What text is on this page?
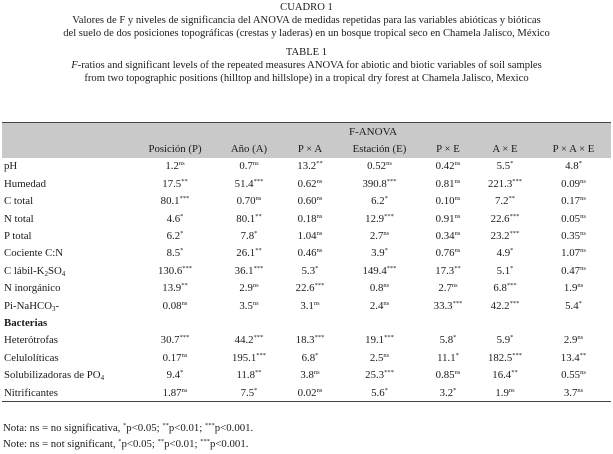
CUADRO 1
Valores de F y niveles de significancia del ANOVA de medidas repetidas para las variables abióticas y bióticas
del suelo de dos posiciones topográficas (crestas y laderas) en un bosque tropical seco en Chamela Jalisco, México
TABLE 1
F-ratios and significant levels of the repeated measures ANOVA for abiotic and biotic variables of soil samples
from two topographic positions (hilltop and hillslope) in a tropical dry forest at Chamela Jalisco, Mexico
	F-ANOVA						
	Posición (P)	Año (A)	P × A	Estación (E)	P × E	A × E	P × A × E
pH	$1.2^{ns}$	$0.7^{ns}$	13.2**	$0.52^{ns}$	$0.42^{ns}$	5.5*	4.8*
Humedad	17.5**	51.4***	$0.62^{ns}$	390.8***	$0.81^{ns}$	221.3***	$0.09^{ns}$
C total	80.1***	$0.70^{ns}$	$0.60^{ns}$	6.2*	$0.10^{ns}$	7.2**	$0.17^{ns}$
N total	4.6*	80.1**	$0.18^{ns}$	12.9***	$0.91^{ns}$	22.6***	$0.05^{ns}$
P total	6.2*	7.8*	$1.04^{ns}$	$2.7^{ns}$	$0.34^{ns}$	23.2***	$0.35^{ns}$
Cociente C:N	8.5*	26.1**	$0.46^{ns}$	3.9*	$0.76^{ns}$	4.9*	$1.07^{ns}$
C lábil-$K_2SO_4$	130.6***	36.1***	5.3*	149.4***	17.3**	5.1*	$0.47^{ns}$
N inorgánico	13.9**	$2.9^{ns}$	22.6***	$0.8^{ns}$	$2.7^{ns}$	6.8***	$1.9^{ns}$
Pi-NaHCO$_3$-	$0.08^{ns}$	$3.5^{ns}$	$3.1^{ns}$	$2.4^{ns}$	33.3***	42.2***	5.4*
Bacterias							
Heterótrofas	30.7***	44.2***	18.3***	19.1***	5.8*	5.9*	$2.9^{ns}$
Celulolíticas	$0.17^{ns}$	195.1***	6.8*	$2.5^{ns}$	11.1*	182.5***	13.4**
Solubilizadoras de $PO_4$	9.4*	11.8**	$3.8^{ns}$	25.3***	$0.85^{ns}$	16.4**	$0.55^{ns}$
Nitrificantes	$1.87^{ns}$	7.5*	$0.02^{ns}$	5.6*	3.2*	$1.9^{ns}$	$3.7^{ns}$
Nota: ns = no significativa, *p<0.05; **p<0.01; ***p<0.001.
Note: ns = not significant, *p<0.05; **p<0.01; ***p<0.001.
